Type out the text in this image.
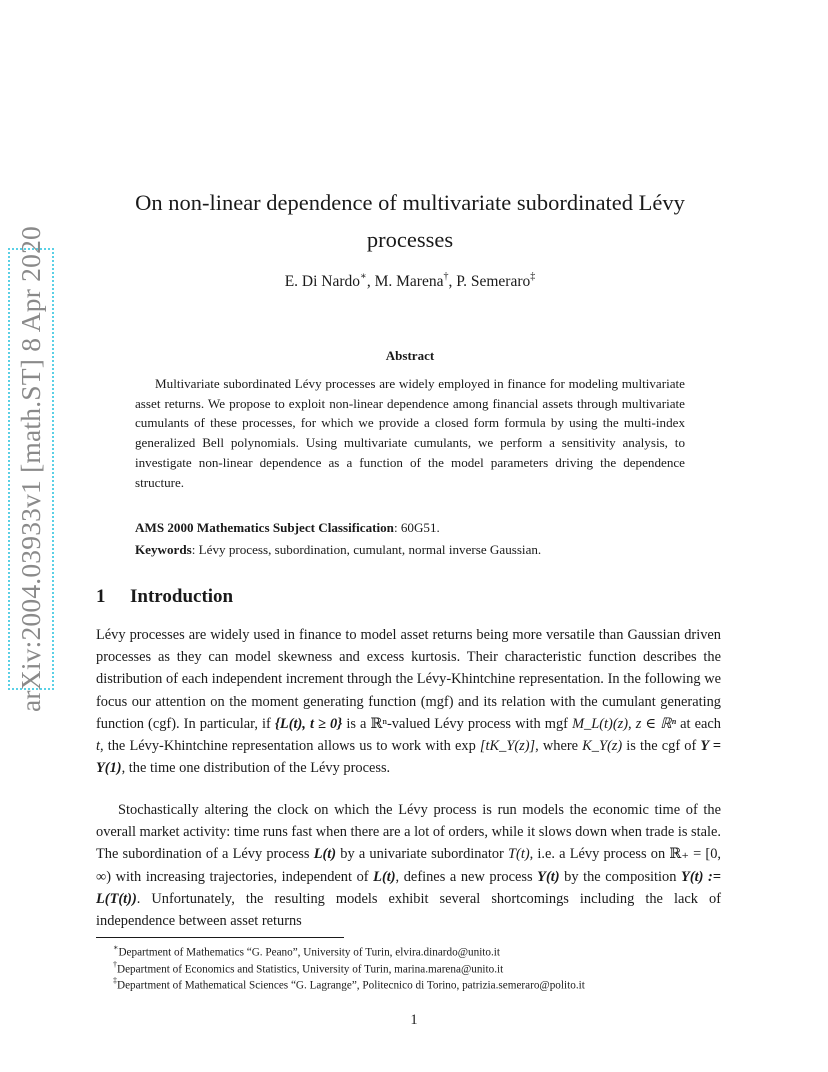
arXiv:2004.03933v1 [math.ST] 8 Apr 2020
On non-linear dependence of multivariate subordinated Lévy processes
E. Di Nardo∗, M. Marena†, P. Semeraro‡
Abstract
Multivariate subordinated Lévy processes are widely employed in finance for modeling multivariate asset returns. We propose to exploit non-linear dependence among financial assets through multivariate cumulants of these processes, for which we provide a closed form formula by using the multi-index generalized Bell polynomials. Using multivariate cumulants, we perform a sensitivity analysis, to investigate non-linear dependence as a function of the model parameters driving the dependence structure.
AMS 2000 Mathematics Subject Classification: 60G51.
Keywords: Lévy process, subordination, cumulant, normal inverse Gaussian.
1 Introduction
Lévy processes are widely used in finance to model asset returns being more versatile than Gaussian driven processes as they can model skewness and excess kurtosis. Their characteristic function describes the distribution of each independent increment through the Lévy-Khintchine representation. In the following we focus our attention on the moment generating function (mgf) and its relation with the cumulant generating function (cgf). In particular, if {L(t), t ≥ 0} is a ℝⁿ-valued Lévy process with mgf M_L(t)(z), z ∈ ℝⁿ at each t, the Lévy-Khintchine representation allows us to work with exp [tK_Y(z)], where K_Y(z) is the cgf of Y = Y(1), the time one distribution of the Lévy process.
Stochastically altering the clock on which the Lévy process is run models the economic time of the overall market activity: time runs fast when there are a lot of orders, while it slows down when trade is stale. The subordination of a Lévy process L(t) by a univariate subordinator T(t), i.e. a Lévy process on ℝ₊ = [0, ∞) with increasing trajectories, independent of L(t), defines a new process Y(t) by the composition Y(t) := L(T(t)). Unfortunately, the resulting models exhibit several shortcomings including the lack of independence between asset returns
∗Department of Mathematics “G. Peano”, University of Turin, elvira.dinardo@unito.it
†Department of Economics and Statistics, University of Turin, marina.marena@unito.it
‡Department of Mathematical Sciences “G. Lagrange”, Politecnico di Torino, patrizia.semeraro@polito.it
1
